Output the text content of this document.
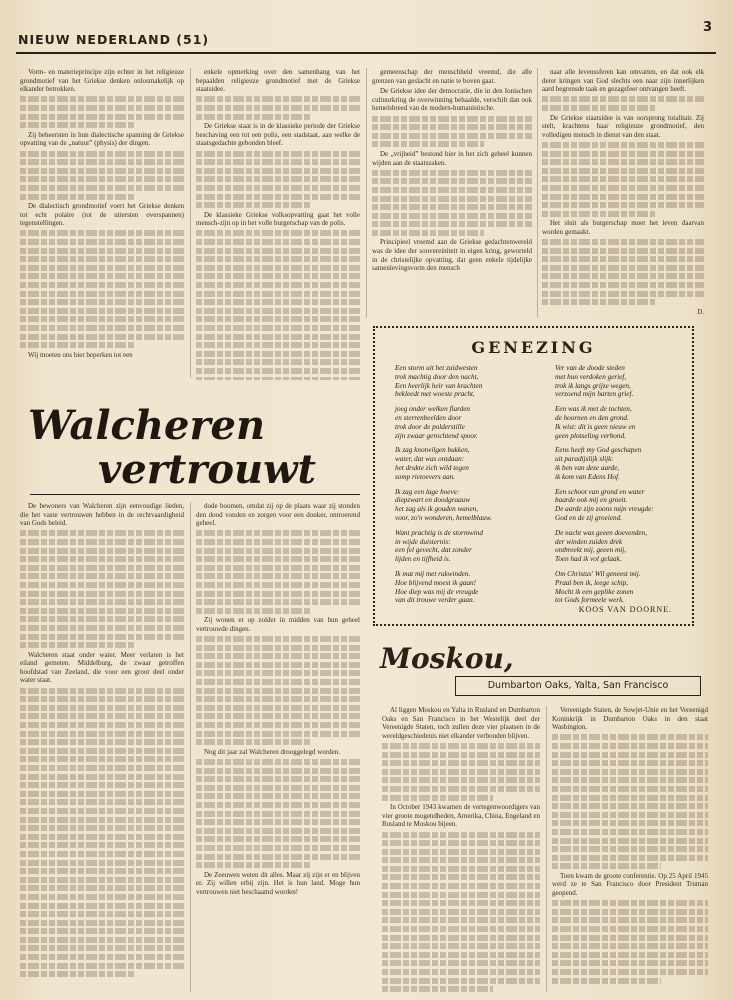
NIEUW NEDERLAND (51)
3

Vorm- en materieprincipe zijn echter in het religieuze grondmotief van het Griekse denken onlosmakelijk op elkander betrokken.

Zij beheersten in hun dialectische spanning de Griekse opvatting van de „natuur” (physis) der dingen.

De dialectisch grondmotief voert het Griekse denken tot echt polaire (tot de uitersten overspannen) tegenstellingen.

Wij moeten ons hier beperken tot een

enkele opmerking over den samenhang van het bepaalden religieuze grondmotief met de Griekse staatsidee.

De Griekse staat is in de klassieke periode der Griekse beschaving een tot een polis, een stadstaat, aan welke de staatsgedachte gebonden bleef.

De klassieke Griekse volksopvatting gaat het volle mensch-zijn op in het volle burgerschap van de polis.

gemeenschap der menschheid vreemd, die alle grenzen van geslacht en natie te boven gaat.

De Griekse idee der democratie, die in den Ionischen cultuurkring de overwinning behaalde, verschilt dan ook hemelsbreed van de modern-humanistische.

De „vrijheid” bestond hier in het zich geheel kunnen wijden aan de staatszaken.

Principieel vreemd aan de Griekse gedachtenwereld was de idee der souvereiniteit in eigen kring, geworteld in de christelijke opvatting, dat geen enkele tijdelijke samenlevingsvorm den mensch

naar alle levenssferen kan omvatten, en dat ook elk derer kringen van God slechts een naar zijn innerlijken aard begrensde taak en gezagsfeer ontvangen heeft.

De Griekse staatsidee is van oorsprong totalitair. Zij stelt, krachtens haar religieuze grondmotief, den volledigen mensch in dienst van den staat.

Het sluit als burgerschap moet het leven daarvan worden gemaakt.

D.

Walcheren
vertrouwt

De bewoners van Walcheren zijn eenvoudige lieden, die het vaste vertrouwen hebben in de rechtvaardigheid van Gods beleid.

Walcheren staat onder water. Meer verlaten is het eiland gemeten. Middelburg, de zwaar getroffen hoofdstad van Zeeland, die voor een groot deel onder water staat.

dode boomen, omdat zij op de plaats waar zij stonden den dood vonden en zorgen voor een donker, ontroerend geheel.

Zij wonen er op zolder in midden van hun geheel vertrouwde dingen.

Nog dit jaar zal Walcheren drooggelegd worden.

De Zeeuwen weten dit alles. Maar zij zijn er en blijven er. Zij willen erbij zijn. Het is hun land. Moge hun vertrouwen niet beschaamd worden!

GENEZING
Een storm uit het zuidwesten
trok machtig door den nacht,
Een heerlijk heir van krachten
bekleedt met woeste pracht,
joeg onder welken flarden
en sterrenbeelden door
trok door de polderstille
zijn zwaar gerochtend spoor.
Ik zag knotwilgen bukken,
water, dat was ontdaan:
het drukte zich wild tegen
somp rietoevers aan.
Ik zag een lage hoeve:
diepzwart en doodgraauw
het zag als ik gouden wanen,
voor, zo'n wonderen, hemelblauw.
Want prachtig is de stormwind
in wijde duisternis:
een fel gevecht, dat zonder
lijden en tijfheid is.
Ik mat mij met rukwinden.
Hoe blijvend moest ik gaan!
Hoe diep was mij de vreugde
van dit trouwe verder gaan.
Ver van de doode steden
met hun verdoken gerief,
trok ik langs grijze wegen,
verzoend mijn harten grief.
Een was ik met de tochten,
de hoornen en den grond.
Ik wist: dit is geen nieuw en
geen plotseling verbond.
Eens heeft my God geschapen
uit paradijslijk slijk:
ik ben van deze aarde,
ik kom van Edens Hof.
Een schoot van grond en water
baarde ook mij en groeit.
De aarde zijn zoons mijn vreugde:
God en de zij groeiend.
De nacht was geeen doevenden,
der winden zuiden drek
ontbreekt mij, geeen mij,
Toen had ik vol gelaak.
Om Christus' Wil geneest mij.
Praal ben ik, leege schip,
Mocht ik een geplike zonen
tot Gods formeele werk.
KOOS VAN DOORNE.
Moskou,
Dumbarton Oaks, Yalta, San Francisco

Al liggen Moskou en Yalta in Rusland en Dumbarton Oaks en San Francisco in het Westelijk deel der Vereenigde Staten, toch zullen deze vier plaatsen in de wereldgeschiedenis niet elkander verbonden blijven.

In October 1943 kwamen de vertegenwoordigers van vier groote mogendheden, Amerika, China, Engeland en Rusland te Moskou bijeen.

Vereenigde Staten, de Sowjet-Unie en het Vereenigd Koninkrijk in Dumbarton Oaks in den staat Washington.

Toen kwam de groote conferentie. Op 25 April 1945 werd ze te San Francisco door President Truman geopend.
